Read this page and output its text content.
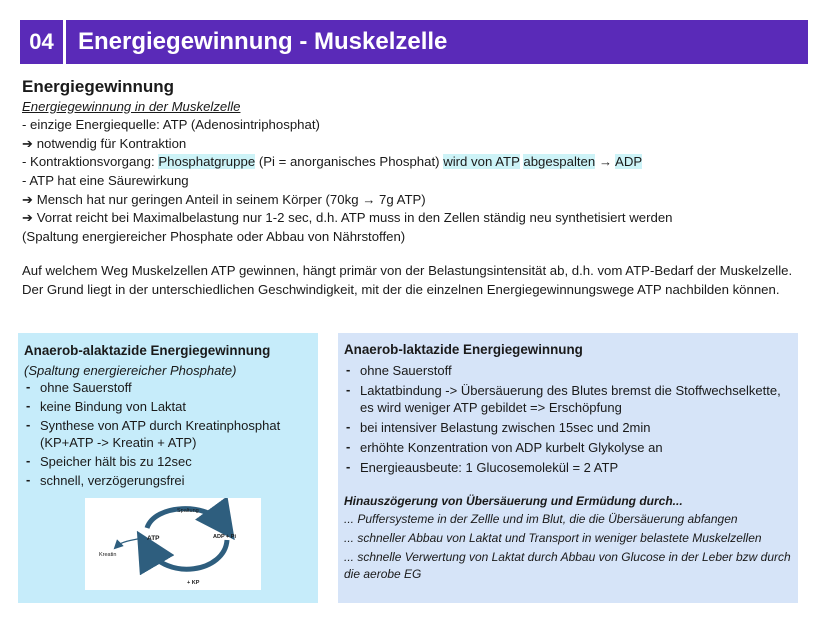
04	Energiegewinnung - Muskelzelle
Energiegewinnung
Energiegewinnung in der Muskelzelle
- einzige Energiequelle: ATP (Adenosintriphosphat)
➔ notwendig für Kontraktion
- Kontraktionsvorgang: Phosphatgruppe (Pi = anorganisches Phosphat) wird von ATP abgespalten → ADP
- ATP hat eine Säurewirkung
➔ Mensch hat nur geringen Anteil in seinem Körper (70kg → 7g ATP)
➔ Vorrat reicht bei Maximalbelastung nur 1-2 sec, d.h. ATP muss in den Zellen ständig neu synthetisiert werden
(Spaltung energiereicher Phosphate oder Abbau von Nährstoffen)

Auf welchem Weg Muskelzellen ATP gewinnen, hängt primär von der Belastungsintensität ab, d.h. vom ATP-Bedarf der Muskelzelle. Der Grund liegt in der unterschiedlichen Geschwindigkeit, mit der die einzelnen Energiegewinnungswege ATP nachbilden können.

Anaerob-alaktazide Energiegewinnung
(Spaltung energiereicher Phosphate)
- ohne Sauerstoff
- keine Bindung von Laktat
- Synthese von ATP durch Kreatinphosphat (KP+ATP -> Kreatin + ATP)
- Speicher hält bis zu 12sec
- schnell, verzögerungsfrei
Spaltung
ATP	ADP + Pi
Kreatin
+ KP
Anaerob-laktazide Energiegewinnung
- ohne Sauerstoff
- Laktatbindung -> Übersäuerung des Blutes bremst die Stoffwechselkette, es wird weniger ATP gebildet => Erschöpfung
- bei intensiver Belastung zwischen 15sec und 2min
- erhöhte Konzentration von ADP kurbelt Glykolyse an
- Energieausbeute: 1 Glucosemolekül = 2 ATP
Hinauszögerung von Übersäuerung und Ermüdung durch...
... Puffersysteme in der Zellle und im Blut, die die Übersäuerung abfangen
... schneller Abbau von Laktat und Transport in weniger belastete Muskelzellen
... schnelle Verwertung von Laktat durch Abbau von Glucose in der Leber bzw durch die aerobe EG
